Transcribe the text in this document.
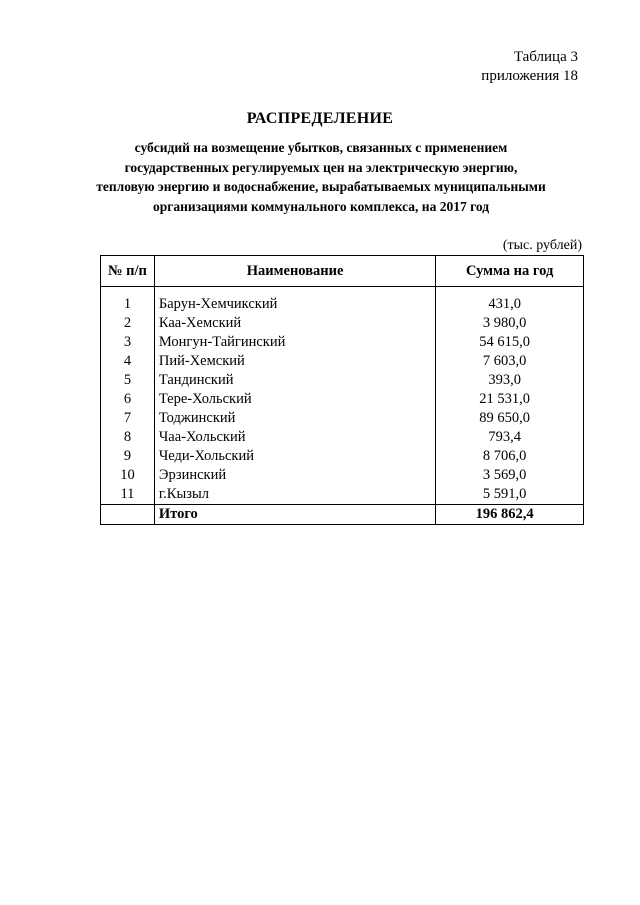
Таблица 3
приложения 18
РАСПРЕДЕЛЕНИЕ
субсидий на возмещение убытков, связанных с применением
государственных регулируемых цен на электрическую энергию,
тепловую энергию и водоснабжение, вырабатываемых муниципальными
организациями коммунального комплекса, на 2017 год
(тыс. рублей)
№ п/п	Наименование	Сумма на год
1	Барун-Хемчикский	431,0
2	Каа-Хемский	3 980,0
3	Монгун-Тайгинский	54 615,0
4	Пий-Хемский	7 603,0
5	Тандинский	393,0
6	Тере-Хольский	21 531,0
7	Тоджинский	89 650,0
8	Чаа-Хольский	793,4
9	Чеди-Хольский	8 706,0
10	Эрзинский	3 569,0
11	г.Кызыл	5 591,0
	Итого	196 862,4
